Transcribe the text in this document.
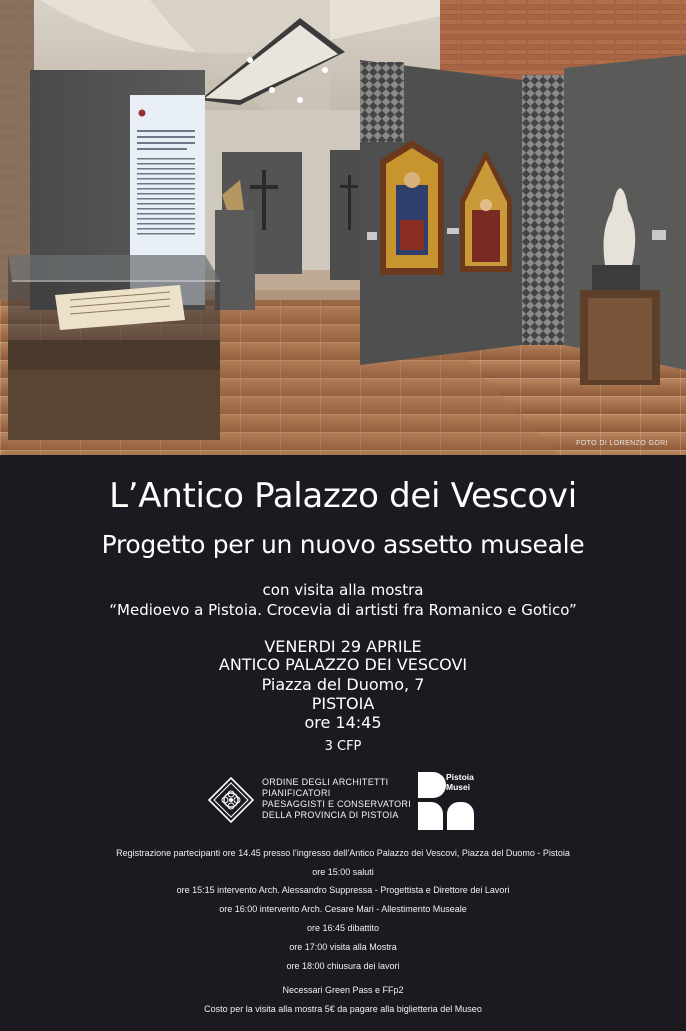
FOTO DI LORENZO GORI
L’Antico Palazzo dei Vescovi
Progetto per un nuovo assetto museale
con visita alla mostra
“Medioevo a Pistoia. Crocevia di artisti fra Romanico e Gotico”
VENERDI 29 APRILE
ANTICO PALAZZO DEI VESCOVI
Piazza del Duomo, 7
PISTOIA
ore 14:45
3 CFP
ORDINE DEGLI ARCHITETTI
PIANIFICATORI
PAESAGGISTI E CONSERVATORI
DELLA PROVINCIA DI PISTOIA
Pistoia
Musei
Registrazione partecipanti ore 14.45 presso l’ingresso dell’Antico Palazzo dei Vescovi, Piazza del Duomo - Pistoia
ore 15:00 saluti
ore 15:15 intervento Arch. Alessandro Suppressa - Progettista e Direttore dei Lavori
ore 16:00 intervento Arch. Cesare Mari - Allestimento Museale
ore 16:45 dibattito
ore 17:00 visita alla Mostra
ore 18:00 chiusura dei lavori
Necessari Green Pass e FFp2
Costo per la visita alla mostra 5€ da pagare alla biglietteria del Museo
